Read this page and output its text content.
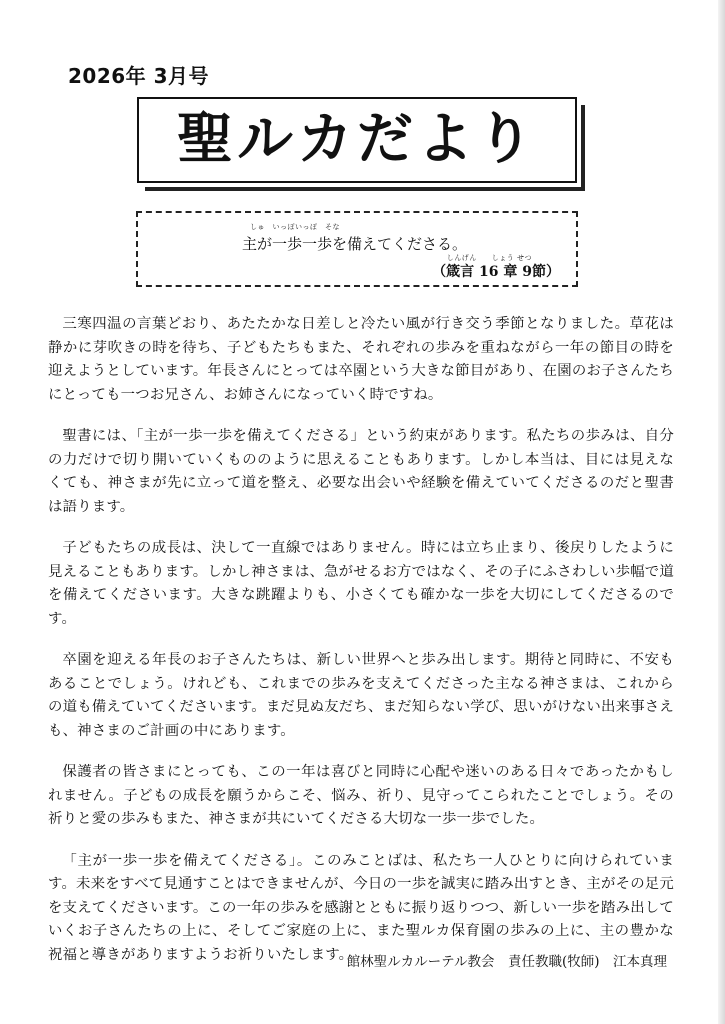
2026年 3月号
聖ルカだより
しゅ　いっぽいっぽ　そな
主が一歩一歩を備えてくださる。
しんげん　　しょう せつ
（箴言 16 章 9節）

三寒四温の言葉どおり、あたたかな日差しと冷たい風が行き交う季節となりました。草花は静かに芽吹きの時を待ち、子どもたちもまた、それぞれの歩みを重ねながら一年の節目の時を迎えようとしています。年長さんにとっては卒園という大きな節目があり、在園のお子さんたちにとっても一つお兄さん、お姉さんになっていく時ですね。

聖書には、「主が一歩一歩を備えてくださる」という約束があります。私たちの歩みは、自分の力だけで切り開いていくもののように思えることもあります。しかし本当は、目には見えなくても、神さまが先に立って道を整え、必要な出会いや経験を備えていてくださるのだと聖書は語ります。

子どもたちの成長は、決して一直線ではありません。時には立ち止まり、後戻りしたように見えることもあります。しかし神さまは、急がせるお方ではなく、その子にふさわしい歩幅で道を備えてくださいます。大きな跳躍よりも、小さくても確かな一歩を大切にしてくださるのです。

卒園を迎える年長のお子さんたちは、新しい世界へと歩み出します。期待と同時に、不安もあることでしょう。けれども、これまでの歩みを支えてくださった主なる神さまは、これからの道も備えていてくださいます。まだ見ぬ友だち、まだ知らない学び、思いがけない出来事さえも、神さまのご計画の中にあります。

保護者の皆さまにとっても、この一年は喜びと同時に心配や迷いのある日々であったかもしれません。子どもの成長を願うからこそ、悩み、祈り、見守ってこられたことでしょう。その祈りと愛の歩みもまた、神さまが共にいてくださる大切な一歩一歩でした。

「主が一歩一歩を備えてくださる」。このみことばは、私たち一人ひとりに向けられています。未来をすべて見通すことはできませんが、今日の一歩を誠実に踏み出すとき、主がその足元を支えてくださいます。この一年の歩みを感謝とともに振り返りつつ、新しい一歩を踏み出していくお子さんたちの上に、そしてご家庭の上に、また聖ルカ保育園の歩みの上に、主の豊かな祝福と導きがありますようお祈りいたします。

館林聖ルカルーテル教会　責任教職(牧師)　江本真理
